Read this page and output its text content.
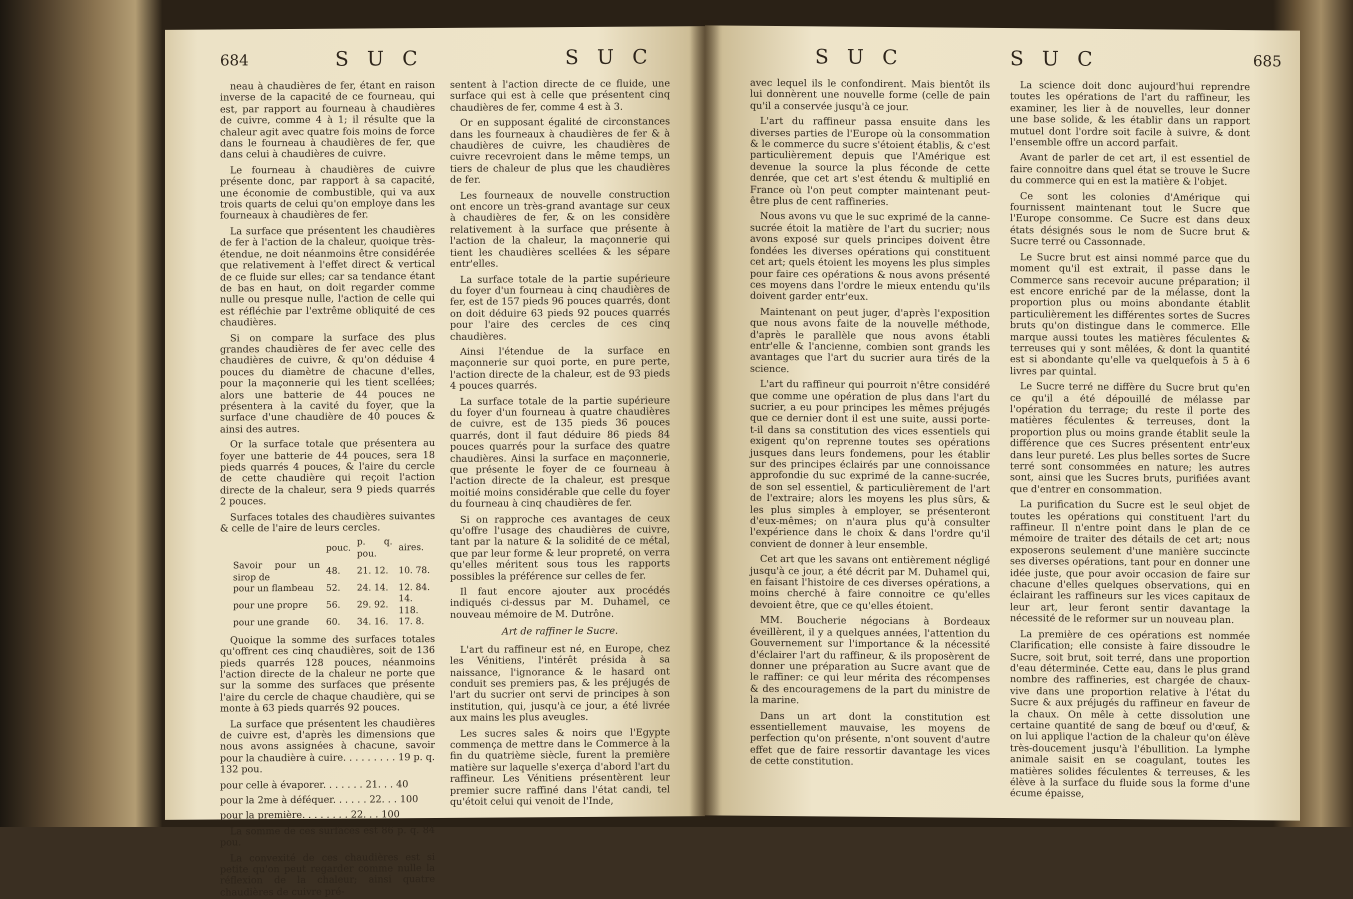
684	S U C	S U C

neau à chaudières de fer, étant en raison inverse de la capacité de ce fourneau, qui est, par rapport au fourneau à chaudières de cuivre, comme 4 à 1; il résulte que la chaleur agit avec quatre fois moins de force dans le fourneau à chaudières de fer, que dans celui à chaudières de cuivre.

Le fourneau à chaudières de cuivre présente donc, par rapport à sa capacité, une économie de combustible, qui va aux trois quarts de celui qu'on employe dans les fourneaux à chaudières de fer.

La surface que présentent les chaudières de fer à l'action de la chaleur, quoique très-étendue, ne doit néanmoins être considérée que relativement à l'effet direct & vertical de ce fluide sur elles; car sa tendance étant de bas en haut, on doit regarder comme nulle ou presque nulle, l'action de celle qui est réfléchie par l'extrême obliquité de ces chaudières.

Si on compare la surface des plus grandes chaudières de fer avec celle des chaudières de cuivre, & qu'on déduise 4 pouces du diamètre de chacune d'elles, pour la maçonnerie qui les tient scellées; alors une batterie de 44 pouces ne présentera à la cavité du foyer, que la surface d'une chaudière de 40 pouces & ainsi des autres.

Or la surface totale que présentera au foyer une batterie de 44 pouces, sera 18 pieds quarrés 4 pouces, & l'aire du cercle de cette chaudière qui reçoit l'action directe de la chaleur, sera 9 pieds quarrés 2 pouces.

Surfaces totales des chaudières suivantes & celle de l'aire de leurs cercles.

	pouc.	p. q. pou.	aires.
Savoir pour un sirop de	48.	21. 12.	10. 78.
pour un flambeau	52.	24. 14.	12. 84.
pour une propre	56.	29. 92.	14. 118.
pour une grande	60.	34. 16.	17. 8.

Quoique la somme des surfaces totales qu'offrent ces cinq chaudières, soit de 136 pieds quarrés 128 pouces, néanmoins l'action directe de la chaleur ne porte que sur la somme des surfaces que présente l'aire du cercle de chaque chaudière, qui se monte à 63 pieds quarrés 92 pouces.

La surface que présentent les chaudières de cuivre est, d'après les dimensions que nous avons assignées à chacune, savoir pour la chaudière à cuire. . . . . . . . . 19 p. q. 132 pou.

pour celle à évaporer. . . . . . . 21. . . 40

pour la 2me à déféquer. . . . . . 22. . . 100

pour la première. . . . . . . . 22. . . 100

La somme de ces surfaces est 86 p. q. 84 pou.

La convexité de ces chaudières est si petite qu'on peut regarder comme nulle la réflexion de la chaleur; ainsi quatre chaudières de cuivre pré-

sentent à l'action directe de ce fluide, une surface qui est à celle que présentent cinq chaudières de fer, comme 4 est à 3.

Or en supposant égalité de circonstances dans les fourneaux à chaudières de fer & à chaudières de cuivre, les chaudières de cuivre recevroient dans le même temps, un tiers de chaleur de plus que les chaudières de fer.

Les fourneaux de nouvelle construction ont encore un très-grand avantage sur ceux à chaudières de fer, & on les considère relativement à la surface que présente à l'action de la chaleur, la maçonnerie qui tient les chaudières scellées & les sépare entr'elles.

La surface totale de la partie supérieure du foyer d'un fourneau à cinq chaudières de fer, est de 157 pieds 96 pouces quarrés, dont on doit déduire 63 pieds 92 pouces quarrés pour l'aire des cercles de ces cinq chaudières.

Ainsi l'étendue de la surface en maçonnerie sur quoi porte, en pure perte, l'action directe de la chaleur, est de 93 pieds 4 pouces quarrés.

La surface totale de la partie supérieure du foyer d'un fourneau à quatre chaudières de cuivre, est de 135 pieds 36 pouces quarrés, dont il faut déduire 86 pieds 84 pouces quarrés pour la surface des quatre chaudières. Ainsi la surface en maçonnerie, que présente le foyer de ce fourneau à l'action directe de la chaleur, est presque moitié moins considérable que celle du foyer du fourneau à cinq chaudières de fer.

Si on rapproche ces avantages de ceux qu'offre l'usage des chaudières de cuivre, tant par la nature & la solidité de ce métal, que par leur forme & leur propreté, on verra qu'elles méritent sous tous les rapports possibles la préférence sur celles de fer.

Il faut encore ajouter aux procédés indiqués ci-dessus par M. Duhamel, ce nouveau mémoire de M. Dutrône.

Art de raffiner le Sucre.

L'art du raffineur est né, en Europe, chez les Vénitiens, l'intérêt présida à sa naissance, l'ignorance & le hasard ont conduit ses premiers pas, & les préjugés de l'art du sucrier ont servi de principes à son institution, qui, jusqu'à ce jour, a été livrée aux mains les plus aveugles.

Les sucres sales & noirs que l'Egypte commença de mettre dans le Commerce à la fin du quatrième siècle, furent la première matière sur laquelle s'exerça d'abord l'art du raffineur. Les Vénitiens présentèrent leur premier sucre raffiné dans l'état candi, tel qu'étoit celui qui venoit de l'Inde,

S U C	S U C	685

avec lequel ils le confondirent. Mais bientôt ils lui donnèrent une nouvelle forme (celle de pain qu'il a conservée jusqu'à ce jour.

L'art du raffineur passa ensuite dans les diverses parties de l'Europe où la consommation & le commerce du sucre s'étoient établis, & c'est particulièrement depuis que l'Amérique est devenue la source la plus féconde de cette denrée, que cet art s'est étendu & multiplié en France où l'on peut compter maintenant peut-être plus de cent raffineries.

Nous avons vu que le suc exprimé de la canne-sucrée étoit la matière de l'art du sucrier; nous avons exposé sur quels principes doivent être fondées les diverses opérations qui constituent cet art; quels étoient les moyens les plus simples pour faire ces opérations & nous avons présenté ces moyens dans l'ordre le mieux entendu qu'ils doivent garder entr'eux.

Maintenant on peut juger, d'après l'exposition que nous avons faite de la nouvelle méthode, d'après le parallèle que nous avons établi entr'elle & l'ancienne, combien sont grands les avantages que l'art du sucrier aura tirés de la science.

L'art du raffineur qui pourroit n'être considéré que comme une opération de plus dans l'art du sucrier, a eu pour principes les mêmes préjugés que ce dernier dont il est une suite, aussi porte-t-il dans sa constitution des vices essentiels qui exigent qu'on reprenne toutes ses opérations jusques dans leurs fondemens, pour les établir sur des principes éclairés par une connoissance approfondie du suc exprimé de la canne-sucrée, de son sel essentiel, & particulièrement de l'art de l'extraire; alors les moyens les plus sûrs, & les plus simples à employer, se présenteront d'eux-mêmes; on n'aura plus qu'à consulter l'expérience dans le choix & dans l'ordre qu'il convient de donner à leur ensemble.

Cet art que les savans ont entièrement négligé jusqu'à ce jour, a été décrit par M. Duhamel qui, en faisant l'histoire de ces diverses opérations, a moins cherché à faire connoitre ce qu'elles devoient être, que ce qu'elles étoient.

MM. Boucherie négocians à Bordeaux éveillèrent, il y a quelques années, l'attention du Gouvernement sur l'importance & la nécessité d'éclairer l'art du raffineur, & ils proposèrent de donner une préparation au Sucre avant que de le raffiner: ce qui leur mérita des récompenses & des encouragemens de la part du ministre de la marine.

Dans un art dont la constitution est essentiellement mauvaise, les moyens de perfection qu'on présente, n'ont souvent d'autre effet que de faire ressortir davantage les vices de cette constitution.

La science doit donc aujourd'hui reprendre toutes les opérations de l'art du raffineur, les examiner, les lier à de nouvelles, leur donner une base solide, & les établir dans un rapport mutuel dont l'ordre soit facile à suivre, & dont l'ensemble offre un accord parfait.

Avant de parler de cet art, il est essentiel de faire connoitre dans quel état se trouve le Sucre du commerce qui en est la matière & l'objet.

Ce sont les colonies d'Amérique qui fournissent maintenant tout le Sucre que l'Europe consomme. Ce Sucre est dans deux états désignés sous le nom de Sucre brut & Sucre terré ou Cassonnade.

Le Sucre brut est ainsi nommé parce que du moment qu'il est extrait, il passe dans le Commerce sans recevoir aucune préparation; il est encore enriché par de la mélasse, dont la proportion plus ou moins abondante établit particulièrement les différentes sortes de Sucres bruts qu'on distingue dans le commerce. Elle marque aussi toutes les matières féculentes & terreuses qui y sont mêlées, & dont la quantité est si abondante qu'elle va quelquefois à 5 à 6 livres par quintal.

Le Sucre terré ne diffère du Sucre brut qu'en ce qu'il a été dépouillé de mélasse par l'opération du terrage; du reste il porte des matières féculentes & terreuses, dont la proportion plus ou moins grande établit seule la différence que ces Sucres présentent entr'eux dans leur pureté. Les plus belles sortes de Sucre terré sont consommées en nature; les autres sont, ainsi que les Sucres bruts, purifiées avant que d'entrer en consommation.

La purification du Sucre est le seul objet de toutes les opérations qui constituent l'art du raffineur. Il n'entre point dans le plan de ce mémoire de traiter des détails de cet art; nous exposerons seulement d'une manière succincte ses diverses opérations, tant pour en donner une idée juste, que pour avoir occasion de faire sur chacune d'elles quelques observations, qui en éclairant les raffineurs sur les vices capitaux de leur art, leur feront sentir davantage la nécessité de le reformer sur un nouveau plan.

La première de ces opérations est nommée Clarification; elle consiste à faire dissoudre le Sucre, soit brut, soit terré, dans une proportion d'eau déterminée. Cette eau, dans le plus grand nombre des raffineries, est chargée de chaux-vive dans une proportion relative à l'état du Sucre & aux préjugés du raffineur en faveur de la chaux. On mêle à cette dissolution une certaine quantité de sang de bœuf ou d'œuf, & on lui applique l'action de la chaleur qu'on élève très-doucement jusqu'à l'ébullition. La lymphe animale saisit en se coagulant, toutes les matières solides féculentes & terreuses, & les élève à la surface du fluide sous la forme d'une écume épaisse,
